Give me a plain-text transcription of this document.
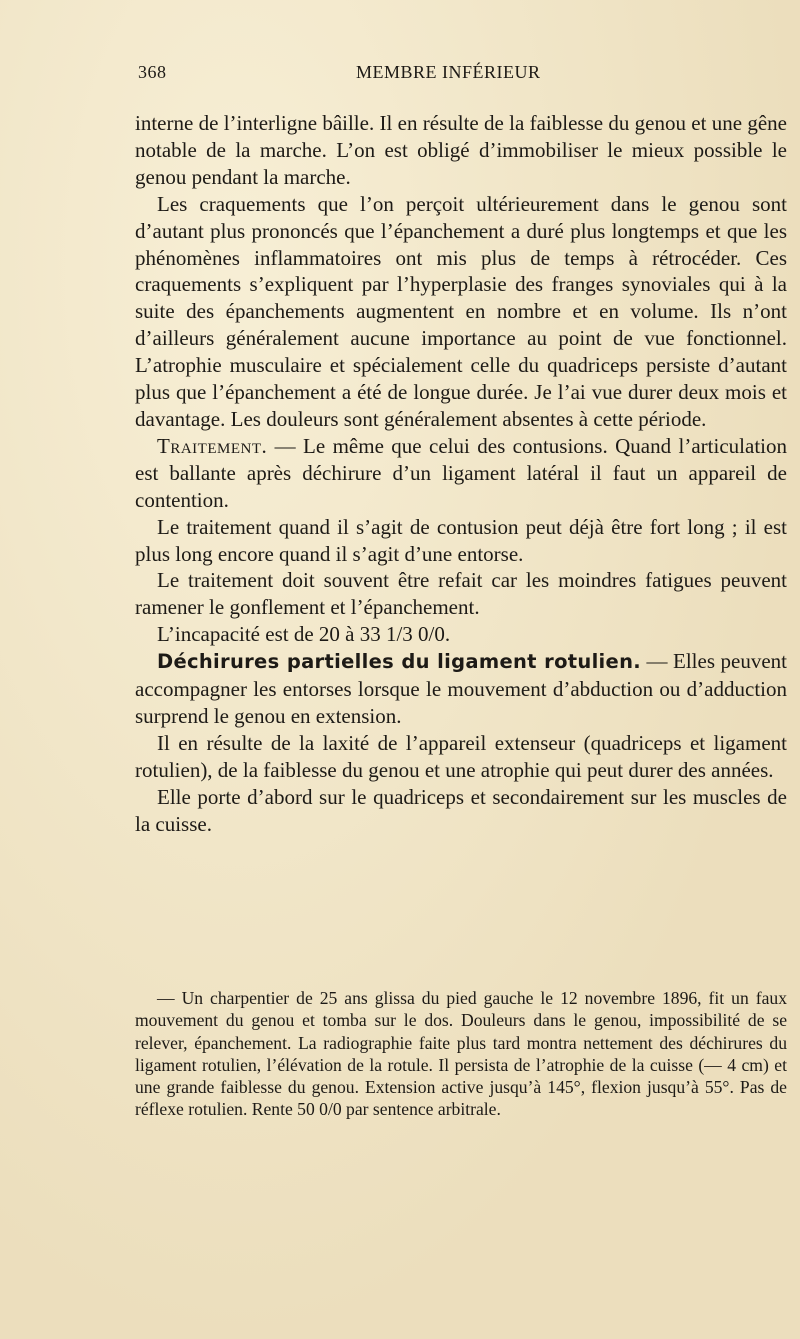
368	MEMBRE INFÉRIEUR

interne de l’interligne bâille. Il en résulte de la faiblesse du genou et une gêne notable de la marche. L’on est obligé d’immobiliser le mieux possible le genou pendant la marche.

Les craquements que l’on perçoit ultérieurement dans le genou sont d’autant plus prononcés que l’épanchement a duré plus longtemps et que les phénomènes inflammatoires ont mis plus de temps à rétrocéder. Ces craquements s’expliquent par l’hyperplasie des franges synoviales qui à la suite des épanchements augmentent en nombre et en volume. Ils n’ont d’ailleurs généralement aucune importance au point de vue fonctionnel. L’atrophie musculaire et spécialement celle du quadriceps persiste d’autant plus que l’épanchement a été de longue durée. Je l’ai vue durer deux mois et davantage. Les douleurs sont généralement absentes à cette période.

Traitement. — Le même que celui des contusions. Quand l’articulation est ballante après déchirure d’un ligament latéral il faut un appareil de contention.

Le traitement quand il s’agit de contusion peut déjà être fort long ; il est plus long encore quand il s’agit d’une entorse.

Le traitement doit souvent être refait car les moindres fatigues peuvent ramener le gonflement et l’épanchement.

L’incapacité est de 20 à 33 1/3 0/0.

Déchirures partielles du ligament rotulien. — Elles peuvent accompagner les entorses lorsque le mouvement d’abduction ou d’adduction surprend le genou en extension.

Il en résulte de la laxité de l’appareil extenseur (quadriceps et ligament rotulien), de la faiblesse du genou et une atrophie qui peut durer des années.

Elle porte d’abord sur le quadriceps et secondairement sur les muscles de la cuisse.

— Un charpentier de 25 ans glissa du pied gauche le 12 novembre 1896, fit un faux mouvement du genou et tomba sur le dos. Douleurs dans le genou, impossibilité de se relever, épanchement. La radiographie faite plus tard montra nettement des déchirures du ligament rotulien, l’élévation de la rotule. Il persista de l’atrophie de la cuisse (— 4 cm) et une grande faiblesse du genou. Extension active jusqu’à 145°, flexion jusqu’à 55°. Pas de réflexe rotulien. Rente 50 0/0 par sentence arbitrale.
